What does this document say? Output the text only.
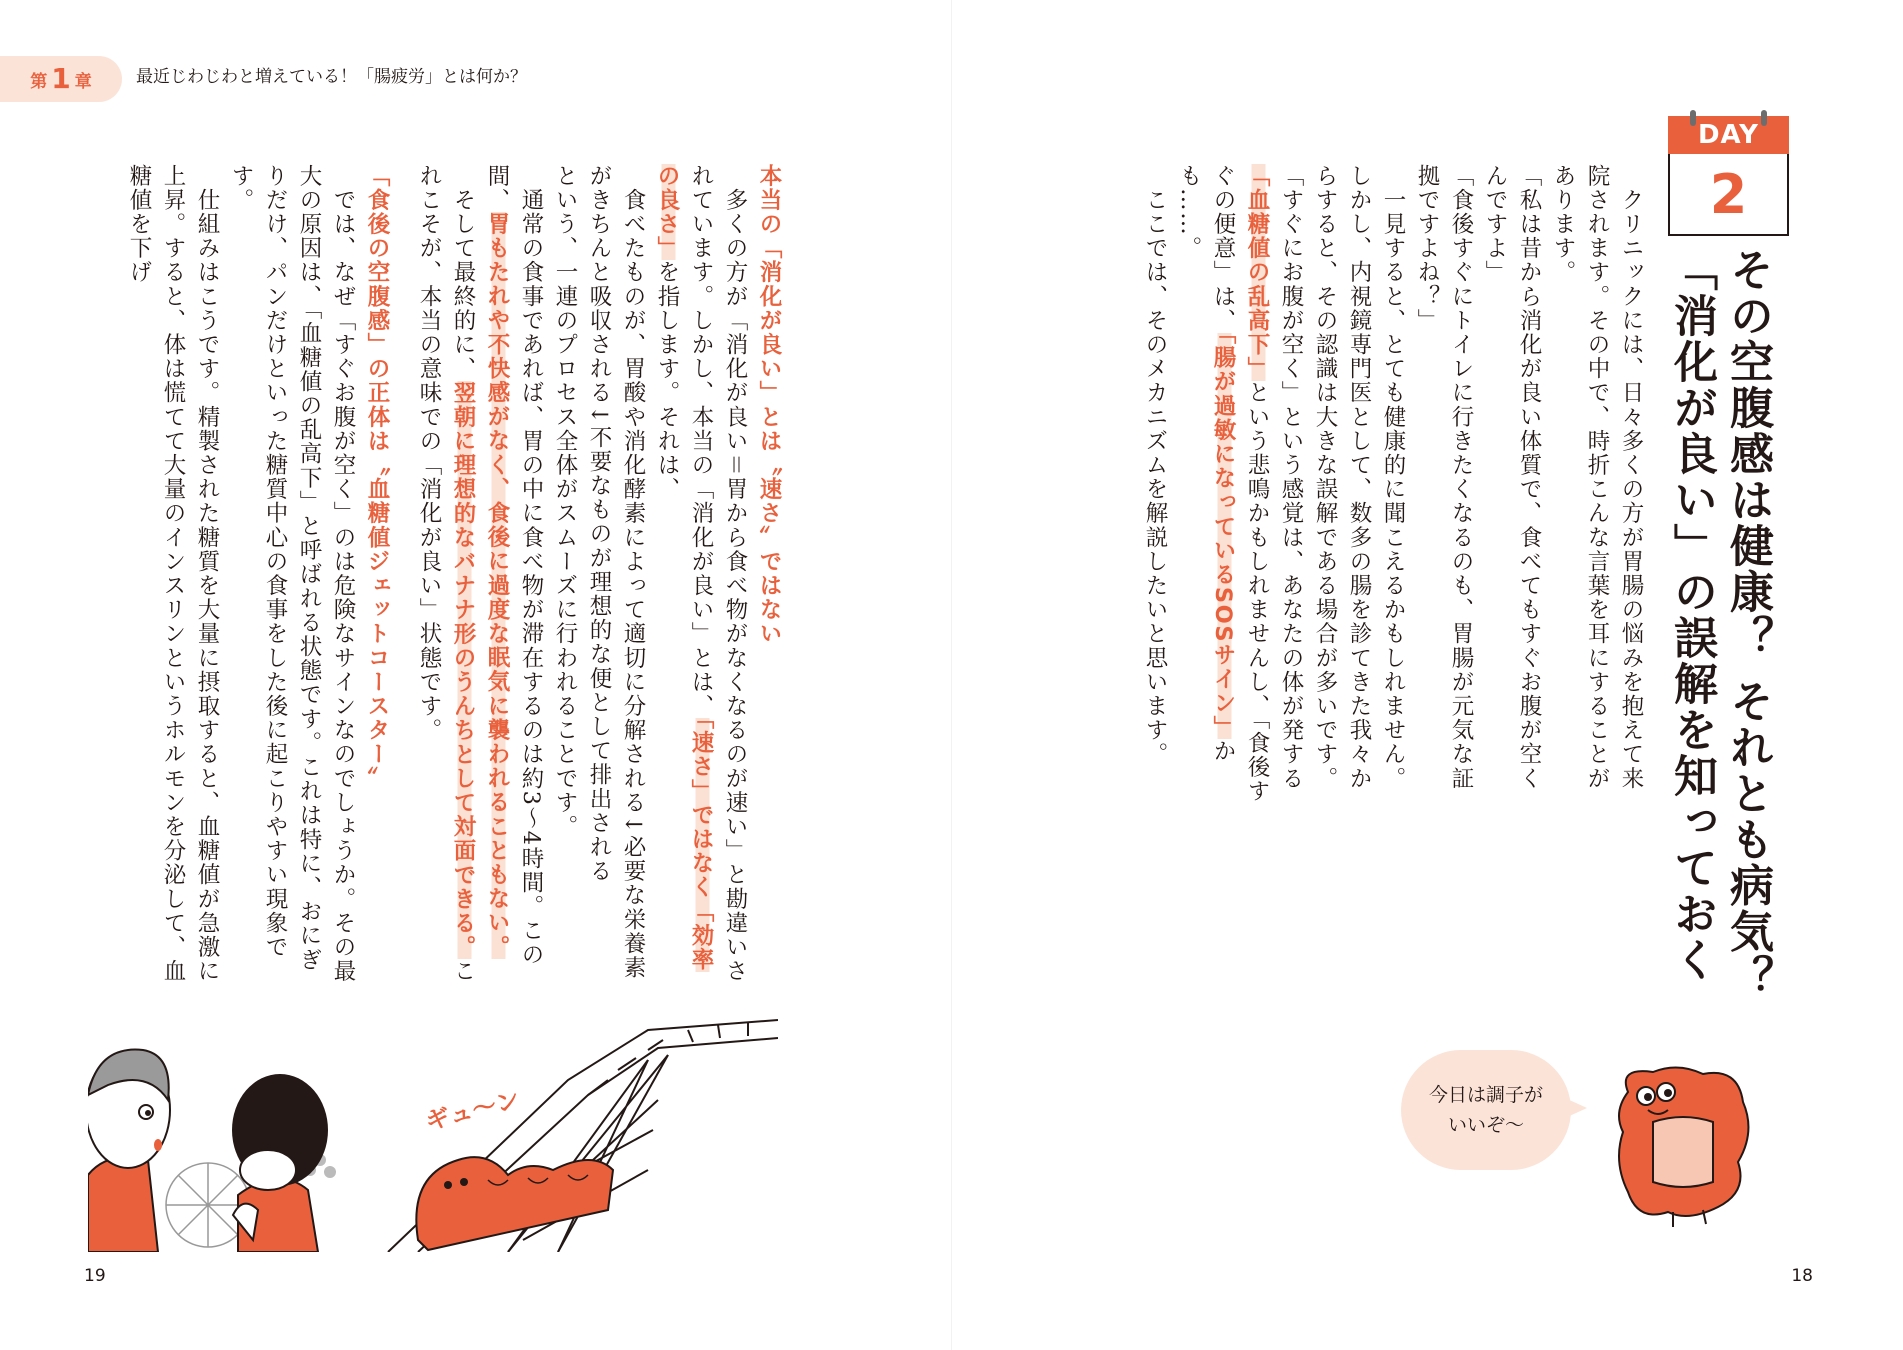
第 1 章	最近じわじわと増えている！「腸疲労」とは何か？
DAY
2

その空腹感は健康？ それとも病気？

「消化が良い」の誤解を知っておく

　クリニックには、日々多くの方が胃腸の悩みを抱えて来院されます。その中で、時折こんな言葉を耳にすることがあります。

「私は昔から消化が良い体質で、食べてもすぐお腹が空くんですよ」

「食後すぐにトイレに行きたくなるのも、胃腸が元気な証拠ですよね？」

　一見すると、とても健康的に聞こえるかもしれません。しかし、内視鏡専門医として、数多の腸を診てきた我々からすると、その認識は大きな誤解である場合が多いです。

「すぐにお腹が空く」という感覚は、あなたの体が発する「血糖値の乱高下」という悲鳴かもしれませんし、「食後すぐの便意」は、「腸が過敏になっているSOSサイン」かも……。

　ここでは、そのメカニズムを解説したいと思います。

本当の「消化が良い」とは〝速さ〟ではない

　多くの方が「消化が良い＝胃から食べ物がなくなるのが速い」と勘違いされています。しかし、本当の「消化が良い」とは、「速さ」ではなく「効率の良さ」を指します。それは、

　食べたものが、胃酸や消化酵素によって適切に分解される↓必要な栄養素がきちんと吸収される↓不要なものが理想的な便として排出される

という、一連のプロセス全体がスムーズに行われることです。

　通常の食事であれば、胃の中に食べ物が滞在するのは約3〜4時間。この間、胃もたれや不快感がなく、食後に過度な眠気に襲われることもない。

　そして最終的に、翌朝に理想的なバナナ形のうんちとして対面できる。これこそが、本当の意味での「消化が良い」状態です。

「食後の空腹感」の正体は〝血糖値ジェットコースター〟

　では、なぜ「すぐお腹が空く」のは危険なサインなのでしょうか。その最大の原因は、「血糖値の乱高下」と呼ばれる状態です。これは特に、おにぎりだけ、パンだけといった糖質中心の食事をした後に起こりやすい現象です。

　仕組みはこうです。精製された糖質を大量に摂取すると、血糖値が急激に上昇。すると、体は慌てて大量のインスリンというホルモンを分泌して、血糖値を下げ

ギュ〜ン	今日は調子が
いいぞ〜
19	18
